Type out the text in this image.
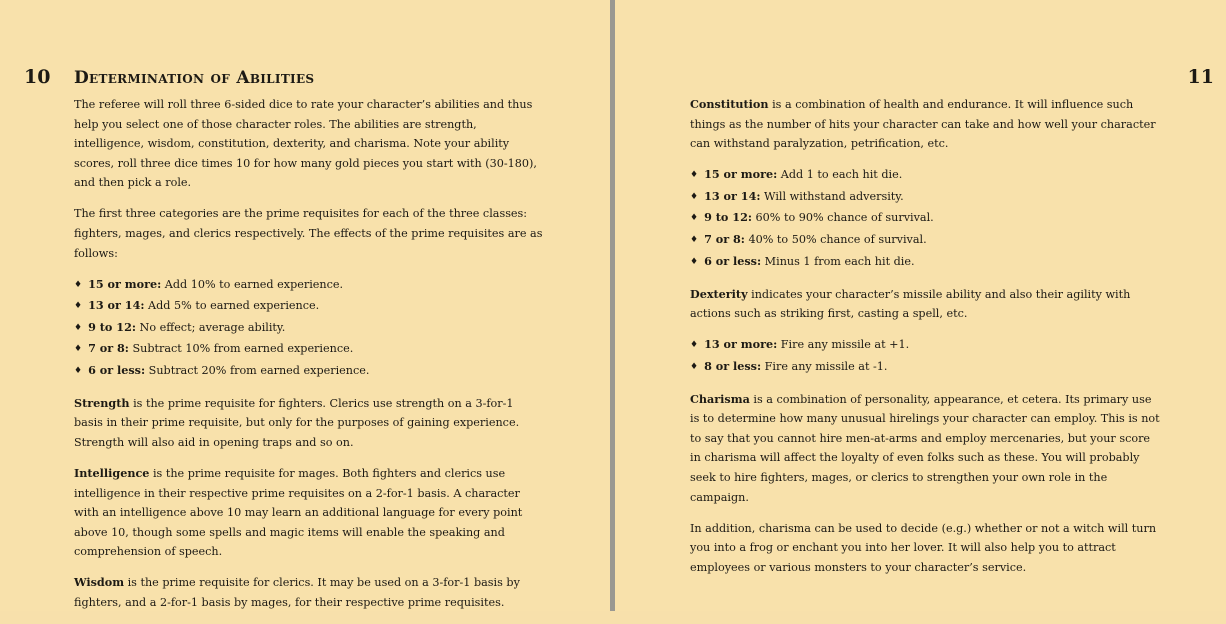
10 Determination of Abilities

The referee will roll three 6-sided dice to rate your character’s abilities and thus help you select one of those character roles. The abilities are strength, intelligence, wisdom, constitution, dexterity, and charisma. Note your ability scores, roll three dice times 10 for how many gold pieces you start with (30-180), and then pick a role.

The first three categories are the prime requisites for each of the three classes: fighters, mages, and clerics respectively. The effects of the prime requisites are as follows:

♦ 15 or more: Add 10% to earned experience.
♦ 13 or 14: Add 5% to earned experience.
♦ 9 to 12: No effect; average ability.
♦ 7 or 8: Subtract 10% from earned experience.
♦ 6 or less: Subtract 20% from earned experience.

Strength is the prime requisite for fighters. Clerics use strength on a 3-for-1 basis in their prime requisite, but only for the purposes of gaining experience. Strength will also aid in opening traps and so on.

Intelligence is the prime requisite for mages. Both fighters and clerics use intelligence in their respective prime requisites on a 2-for-1 basis. A character with an intelligence above 10 may learn an additional language for every point above 10, though some spells and magic items will enable the speaking and comprehension of speech.

Wisdom is the prime requisite for clerics. It may be used on a 3-for-1 basis by fighters, and a 2-for-1 basis by mages, for their respective prime requisites.

11

Constitution is a combination of health and endurance. It will influence such things as the number of hits your character can take and how well your character can withstand paralyzation, petrification, etc.

♦ 15 or more: Add 1 to each hit die.
♦ 13 or 14: Will withstand adversity.
♦ 9 to 12: 60% to 90% chance of survival.
♦ 7 or 8: 40% to 50% chance of survival.
♦ 6 or less: Minus 1 from each hit die.

Dexterity indicates your character’s missile ability and also their agility with actions such as striking first, casting a spell, etc.

♦ 13 or more: Fire any missile at +1.
♦ 8 or less: Fire any missile at -1.

Charisma is a combination of personality, appearance, et cetera. Its primary use is to determine how many unusual hirelings your character can employ. This is not to say that you cannot hire men-at-arms and employ mercenaries, but your score in charisma will affect the loyalty of even folks such as these. You will probably seek to hire fighters, mages, or clerics to strengthen your own role in the campaign.

In addition, charisma can be used to decide (e.g.) whether or not a witch will turn you into a frog or enchant you into her lover. It will also help you to attract employees or various monsters to your character’s service.
